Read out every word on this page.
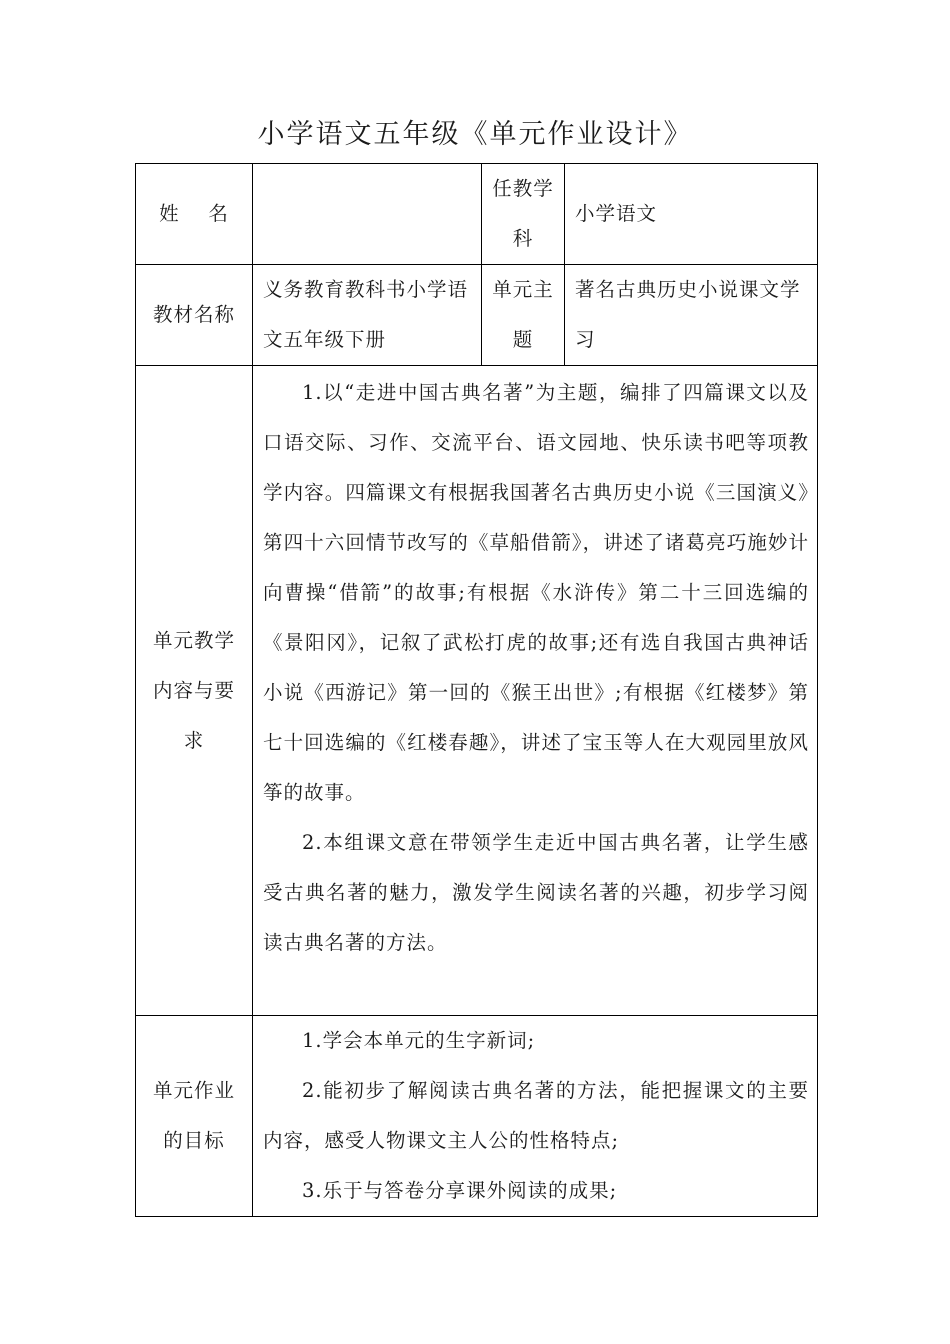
小学语文五年级《单元作业设计》
姓    名		任教学科	小学语文
教材名称	义务教育教科书小学语文五年级下册	单元主题	著名古典历史小说课文学习
单元教学内容与要求	1.以“走进中国古典名著”为主题，编排了四篇课文以及口语交际、习作、交流平台、语文园地、快乐读书吧等项教学内容。四篇课文有根据我国著名古典历史小说《三国演义》第四十六回情节改写的《草船借箭》，讲述了诸葛亮巧施妙计向曹操“借箭”的故事;有根据《水浒传》第二十三回选编的《景阳冈》，记叙了武松打虎的故事;还有选自我国古典神话小说《西游记》第一回的《猴王出世》;有根据《红楼梦》第七十回选编的《红楼春趣》，讲述了宝玉等人在大观园里放风筝的故事。

2.本组课文意在带领学生走近中国古典名著，让学生感受古典名著的魅力，激发学生阅读名著的兴趣，初步学习阅读古典名著的方法。		

单元作业的目标	1.学会本单元的生字新词;

2.能初步了解阅读古典名著的方法，能把握课文的主要内容，感受人物课文主人公的性格特点;

3.乐于与答卷分享课外阅读的成果;		
